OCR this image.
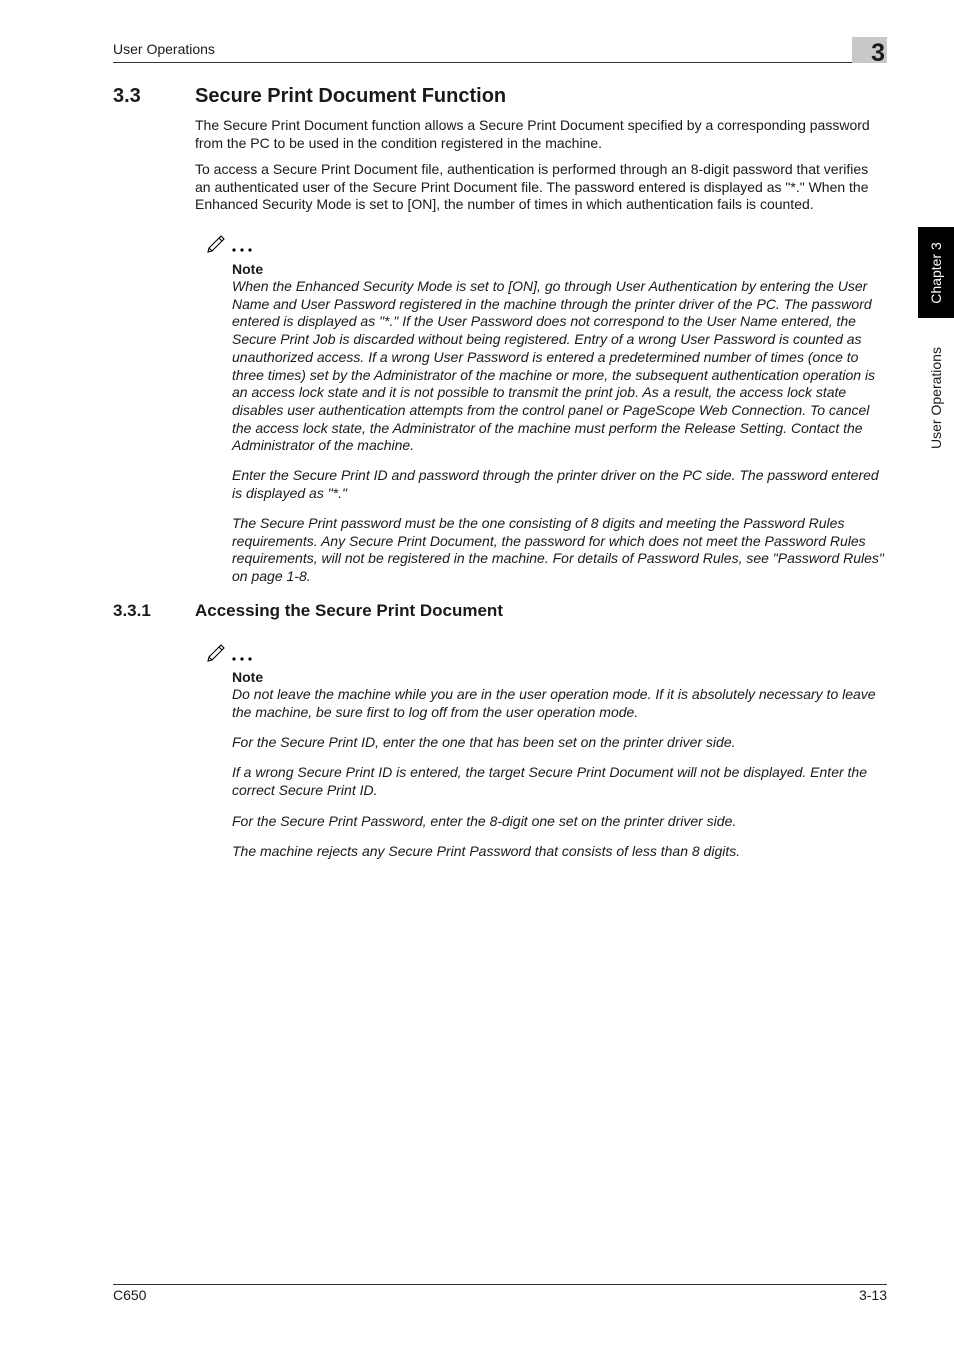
User Operations	3
Chapter 3
User Operations
3.3	Secure Print Document Function

The Secure Print Document function allows a Secure Print Document specified by a corresponding password from the PC to be used in the condition registered in the machine.

To access a Secure Print Document file, authentication is performed through an 8-digit password that verifies an authenticated user of the Secure Print Document file. The password entered is displayed as "*." When the Enhanced Security Mode is set to [ON], the number of times in which authentication fails is counted.

Note

When the Enhanced Security Mode is set to [ON], go through User Authentication by entering the User Name and User Password registered in the machine through the printer driver of the PC. The password entered is displayed as "*." If the User Password does not correspond to the User Name entered, the Secure Print Job is discarded without being registered. Entry of a wrong User Password is counted as unauthorized access. If a wrong User Password is entered a predetermined number of times (once to three times) set by the Administrator of the machine or more, the subsequent authentication operation is an access lock state and it is not possible to transmit the print job. As a result, the access lock state disables user authentication attempts from the control panel or PageScope Web Connection. To cancel the access lock state, the Administrator of the machine must perform the Release Setting. Contact the Administrator of the machine.

Enter the Secure Print ID and password through the printer driver on the PC side. The password entered is displayed as "*."

The Secure Print password must be the one consisting of 8 digits and meeting the Password Rules requirements. Any Secure Print Document, the password for which does not meet the Password Rules requirements, will not be registered in the machine. For details of Password Rules, see "Password Rules" on page 1-8.

3.3.1	Accessing the Secure Print Document
Note

Do not leave the machine while you are in the user operation mode. If it is absolutely necessary to leave the machine, be sure first to log off from the user operation mode.

For the Secure Print ID, enter the one that has been set on the printer driver side.

If a wrong Secure Print ID is entered, the target Secure Print Document will not be displayed. Enter the correct Secure Print ID.

For the Secure Print Password, enter the 8-digit one set on the printer driver side.

The machine rejects any Secure Print Password that consists of less than 8 digits.

C650	3-13
